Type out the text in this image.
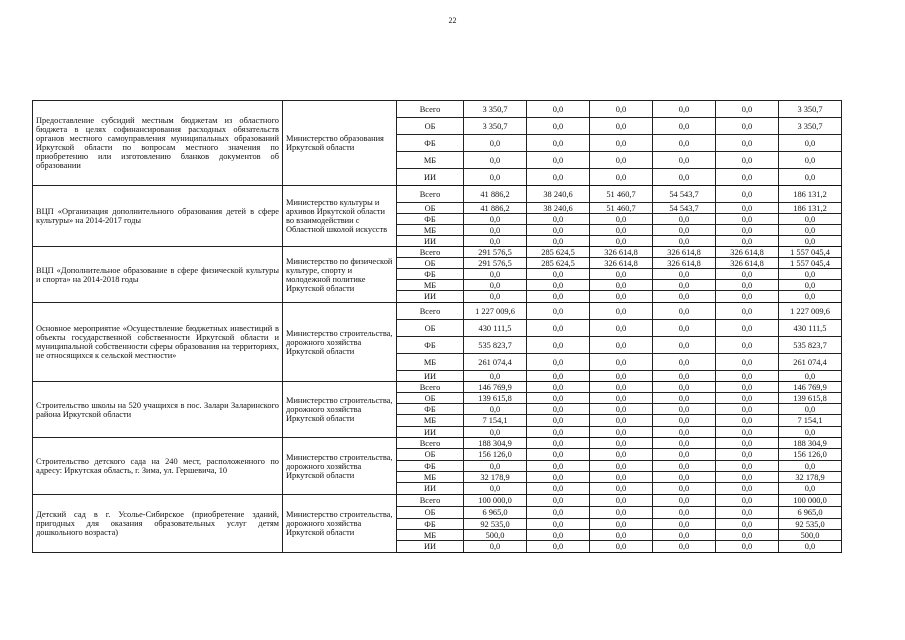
22
Предоставление субсидий местным бюджетам из областного бюджета в целях софинансирования расходных обязательств органов местного самоуправления муниципальных образований Иркутской области по вопросам местного значения по приобретению или изготовлению бланков документов об образовании	Министерство образования Иркутской области	Всего	3 350,7	0,0	0,0	0,0	0,0	3 350,7
		ОБ	3 350,7	0,0	0,0	0,0	0,0	3 350,7
		ФБ	0,0	0,0	0,0	0,0	0,0	0,0
		МБ	0,0	0,0	0,0	0,0	0,0	0,0
		ИИ	0,0	0,0	0,0	0,0	0,0	0,0
ВЦП «Организация дополнительного образования детей в сфере культуры» на 2014-2017 годы	Министерство культуры и архивов Иркутской области во взаимодействии с Областной школой искусств	Всего	41 886,2	38 240,6	51 460,7	54 543,7	0,0	186 131,2
		ОБ	41 886,2	38 240,6	51 460,7	54 543,7	0,0	186 131,2
		ФБ	0,0	0,0	0,0	0,0	0,0	0,0
		МБ	0,0	0,0	0,0	0,0	0,0	0,0
		ИИ	0,0	0,0	0,0	0,0	0,0	0,0
ВЦП «Дополнительное образование в сфере физической культуры и спорта» на 2014-2018 годы	Министерство по физической культуре, спорту и молодежной политике Иркутской области	Всего	291 576,5	285 624,5	326 614,8	326 614,8	326 614,8	1 557 045,4
		ОБ	291 576,5	285 624,5	326 614,8	326 614,8	326 614,8	1 557 045,4
		ФБ	0,0	0,0	0,0	0,0	0,0	0,0
		МБ	0,0	0,0	0,0	0,0	0,0	0,0
		ИИ	0,0	0,0	0,0	0,0	0,0	0,0
Основное мероприятие «Осуществление бюджетных инвестиций в объекты государственной собственности Иркутской области и муниципальной собственности сферы образования на территориях, не относящихся к сельской местности»	Министерство строительства, дорожного хозяйства Иркутской области	Всего	1 227 009,6	0,0	0,0	0,0	0,0	1 227 009,6
		ОБ	430 111,5	0,0	0,0	0,0	0,0	430 111,5
		ФБ	535 823,7	0,0	0,0	0,0	0,0	535 823,7
		МБ	261 074,4	0,0	0,0	0,0	0,0	261 074,4
		ИИ	0,0	0,0	0,0	0,0	0,0	0,0
Строительство школы на 520 учащихся в пос. Залари Заларинского района Иркутской области	Министерство строительства, дорожного хозяйства Иркутской области	Всего	146 769,9	0,0	0,0	0,0	0,0	146 769,9
		ОБ	139 615,8	0,0	0,0	0,0	0,0	139 615,8
		ФБ	0,0	0,0	0,0	0,0	0,0	0,0
		МБ	7 154,1	0,0	0,0	0,0	0,0	7 154,1
		ИИ	0,0	0,0	0,0	0,0	0,0	0,0
Строительство детского сада на 240 мест, расположенного по адресу: Иркутская область, г. Зима, ул. Гершевича, 10	Министерство строительства, дорожного хозяйства Иркутской области	Всего	188 304,9	0,0	0,0	0,0	0,0	188 304,9
		ОБ	156 126,0	0,0	0,0	0,0	0,0	156 126,0
		ФБ	0,0	0,0	0,0	0,0	0,0	0,0
		МБ	32 178,9	0,0	0,0	0,0	0,0	32 178,9
		ИИ	0,0	0,0	0,0	0,0	0,0	0,0
Детский сад в г. Усолье-Сибирское (приобретение зданий, пригодных для оказания образовательных услуг детям дошкольного возраста)	Министерство строительства, дорожного хозяйства Иркутской области	Всего	100 000,0	0,0	0,0	0,0	0,0	100 000,0
		ОБ	6 965,0	0,0	0,0	0,0	0,0	6 965,0
		ФБ	92 535,0	0,0	0,0	0,0	0,0	92 535,0
		МБ	500,0	0,0	0,0	0,0	0,0	500,0
		ИИ	0,0	0,0	0,0	0,0	0,0	0,0
